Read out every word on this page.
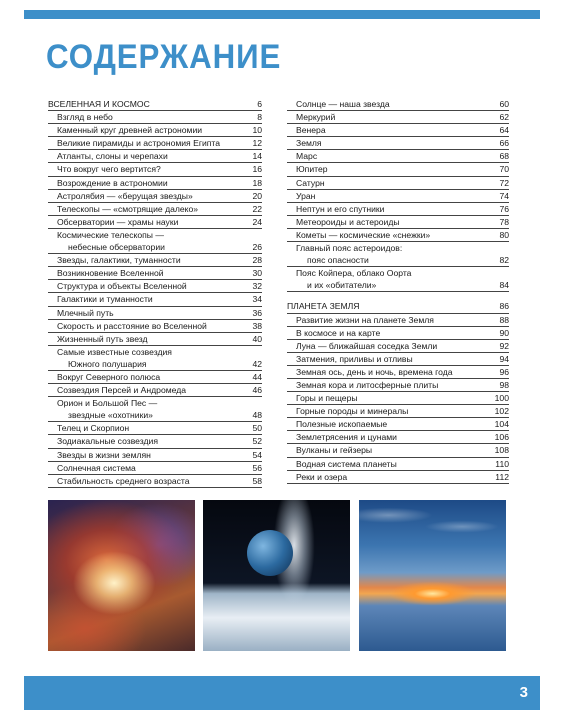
СОДЕРЖАНИЕ
ВСЕЛЕННАЯ И КОСМОС	6
Взгляд в небо	8
Каменный круг древней астрономии	10
Великие пирамиды и астрономия Египта	12
Атланты, слоны и черепахи	14
Что вокруг чего вертится?	16
Возрождение в астрономии	18
Астролябия — «берущая звезды»	20
Телескопы — «смотрящие далеко»	22
Обсерватории — храмы науки	24
Космические телескопы —
небесные обсерватории	26
Звезды, галактики, туманности	28
Возникновение Вселенной	30
Структура и объекты Вселенной	32
Галактики и туманности	34
Млечный путь	36
Скорость и расстояние во Вселенной	38
Жизненный путь звезд	40
Самые известные созвездия
Южного полушария	42
Вокруг Северного полюса	44
Созвездия Персей и Андромеда	46
Орион и Большой Пес —
звездные «охотники»	48
Телец и Скорпион	50
Зодиакальные созвездия	52
Звезды в жизни землян	54
Солнечная система	56
Стабильность среднего возраста	58
Солнце — наша звезда	60
Меркурий	62
Венера	64
Земля	66
Марс	68
Юпитер	70
Сатурн	72
Уран	74
Нептун и его спутники	76
Метеороиды и астероиды	78
Кометы — космические «снежки»	80
Главный пояс астероидов:
пояс опасности	82
Пояс Койпера, облако Оорта
и их «обитатели»	84
ПЛАНЕТА ЗЕМЛЯ	86
Развитие жизни на планете Земля	88
В космосе и на карте	90
Луна — ближайшая соседка Земли	92
Затмения, приливы и отливы	94
Земная ось, день и ночь, времена года	96
Земная кора и литосферные плиты	98
Горы и пещеры	100
Горные породы и минералы	102
Полезные ископаемые	104
Землетрясения и цунами	106
Вулканы и гейзеры	108
Водная система планеты	110
Реки и озера	112
3
